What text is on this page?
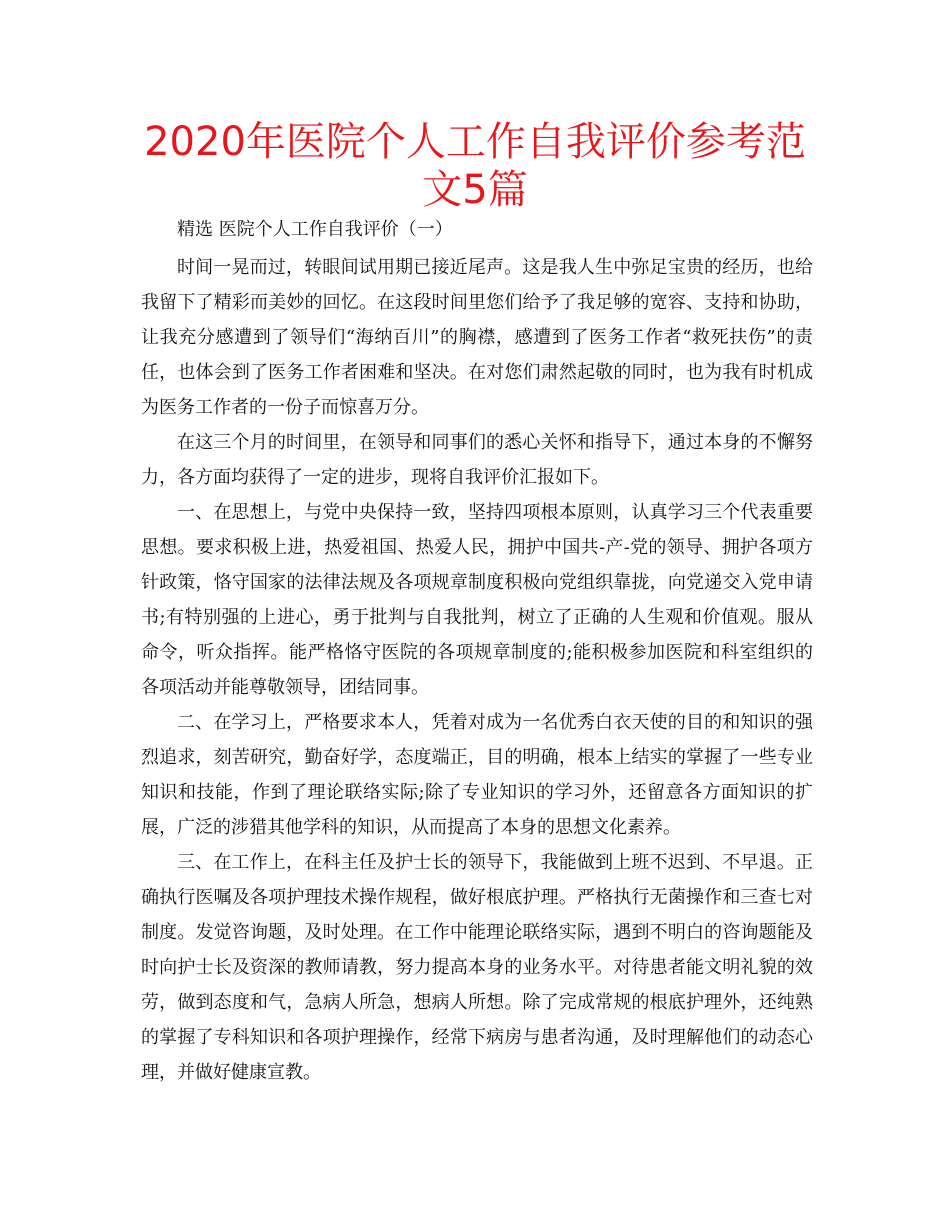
2020年医院个人工作自我评价参考范文5篇

精选 医院个人工作自我评价（一）

时间一晃而过，转眼间试用期已接近尾声。这是我人生中弥足宝贵的经历，也给我留下了精彩而美妙的回忆。在这段时间里您们给予了我足够的宽容、支持和协助，让我充分感遭到了领导们“海纳百川”的胸襟，感遭到了医务工作者“救死扶伤”的责任，也体会到了医务工作者困难和坚决。在对您们肃然起敬的同时，也为我有时机成为医务工作者的一份子而惊喜万分。

在这三个月的时间里，在领导和同事们的悉心关怀和指导下，通过本身的不懈努力，各方面均获得了一定的进步，现将自我评价汇报如下。

一、在思想上，与党中央保持一致，坚持四项根本原则，认真学习三个代表重要思想。要求积极上进，热爱祖国、热爱人民，拥护中国共-产-党的领导、拥护各项方针政策，恪守国家的法律法规及各项规章制度积极向党组织靠拢，向党递交入党申请书;有特别强的上进心，勇于批判与自我批判，树立了正确的人生观和价值观。服从命令，听众指挥。能严格恪守医院的各项规章制度的;能积极参加医院和科室组织的各项活动并能尊敬领导，团结同事。

二、在学习上，严格要求本人，凭着对成为一名优秀白衣天使的目的和知识的强烈追求，刻苦研究，勤奋好学，态度端正，目的明确，根本上结实的掌握了一些专业知识和技能，作到了理论联络实际;除了专业知识的学习外，还留意各方面知识的扩展，广泛的涉猎其他学科的知识，从而提高了本身的思想文化素养。

三、在工作上，在科主任及护士长的领导下，我能做到上班不迟到、不早退。正确执行医嘱及各项护理技术操作规程，做好根底护理。严格执行无菌操作和三查七对制度。发觉咨询题，及时处理。在工作中能理论联络实际，遇到不明白的咨询题能及时向护士长及资深的教师请教，努力提高本身的业务水平。对待患者能文明礼貌的效劳，做到态度和气，急病人所急，想病人所想。除了完成常规的根底护理外，还纯熟的掌握了专科知识和各项护理操作，经常下病房与患者沟通，及时理解他们的动态心理，并做好健康宣教。
